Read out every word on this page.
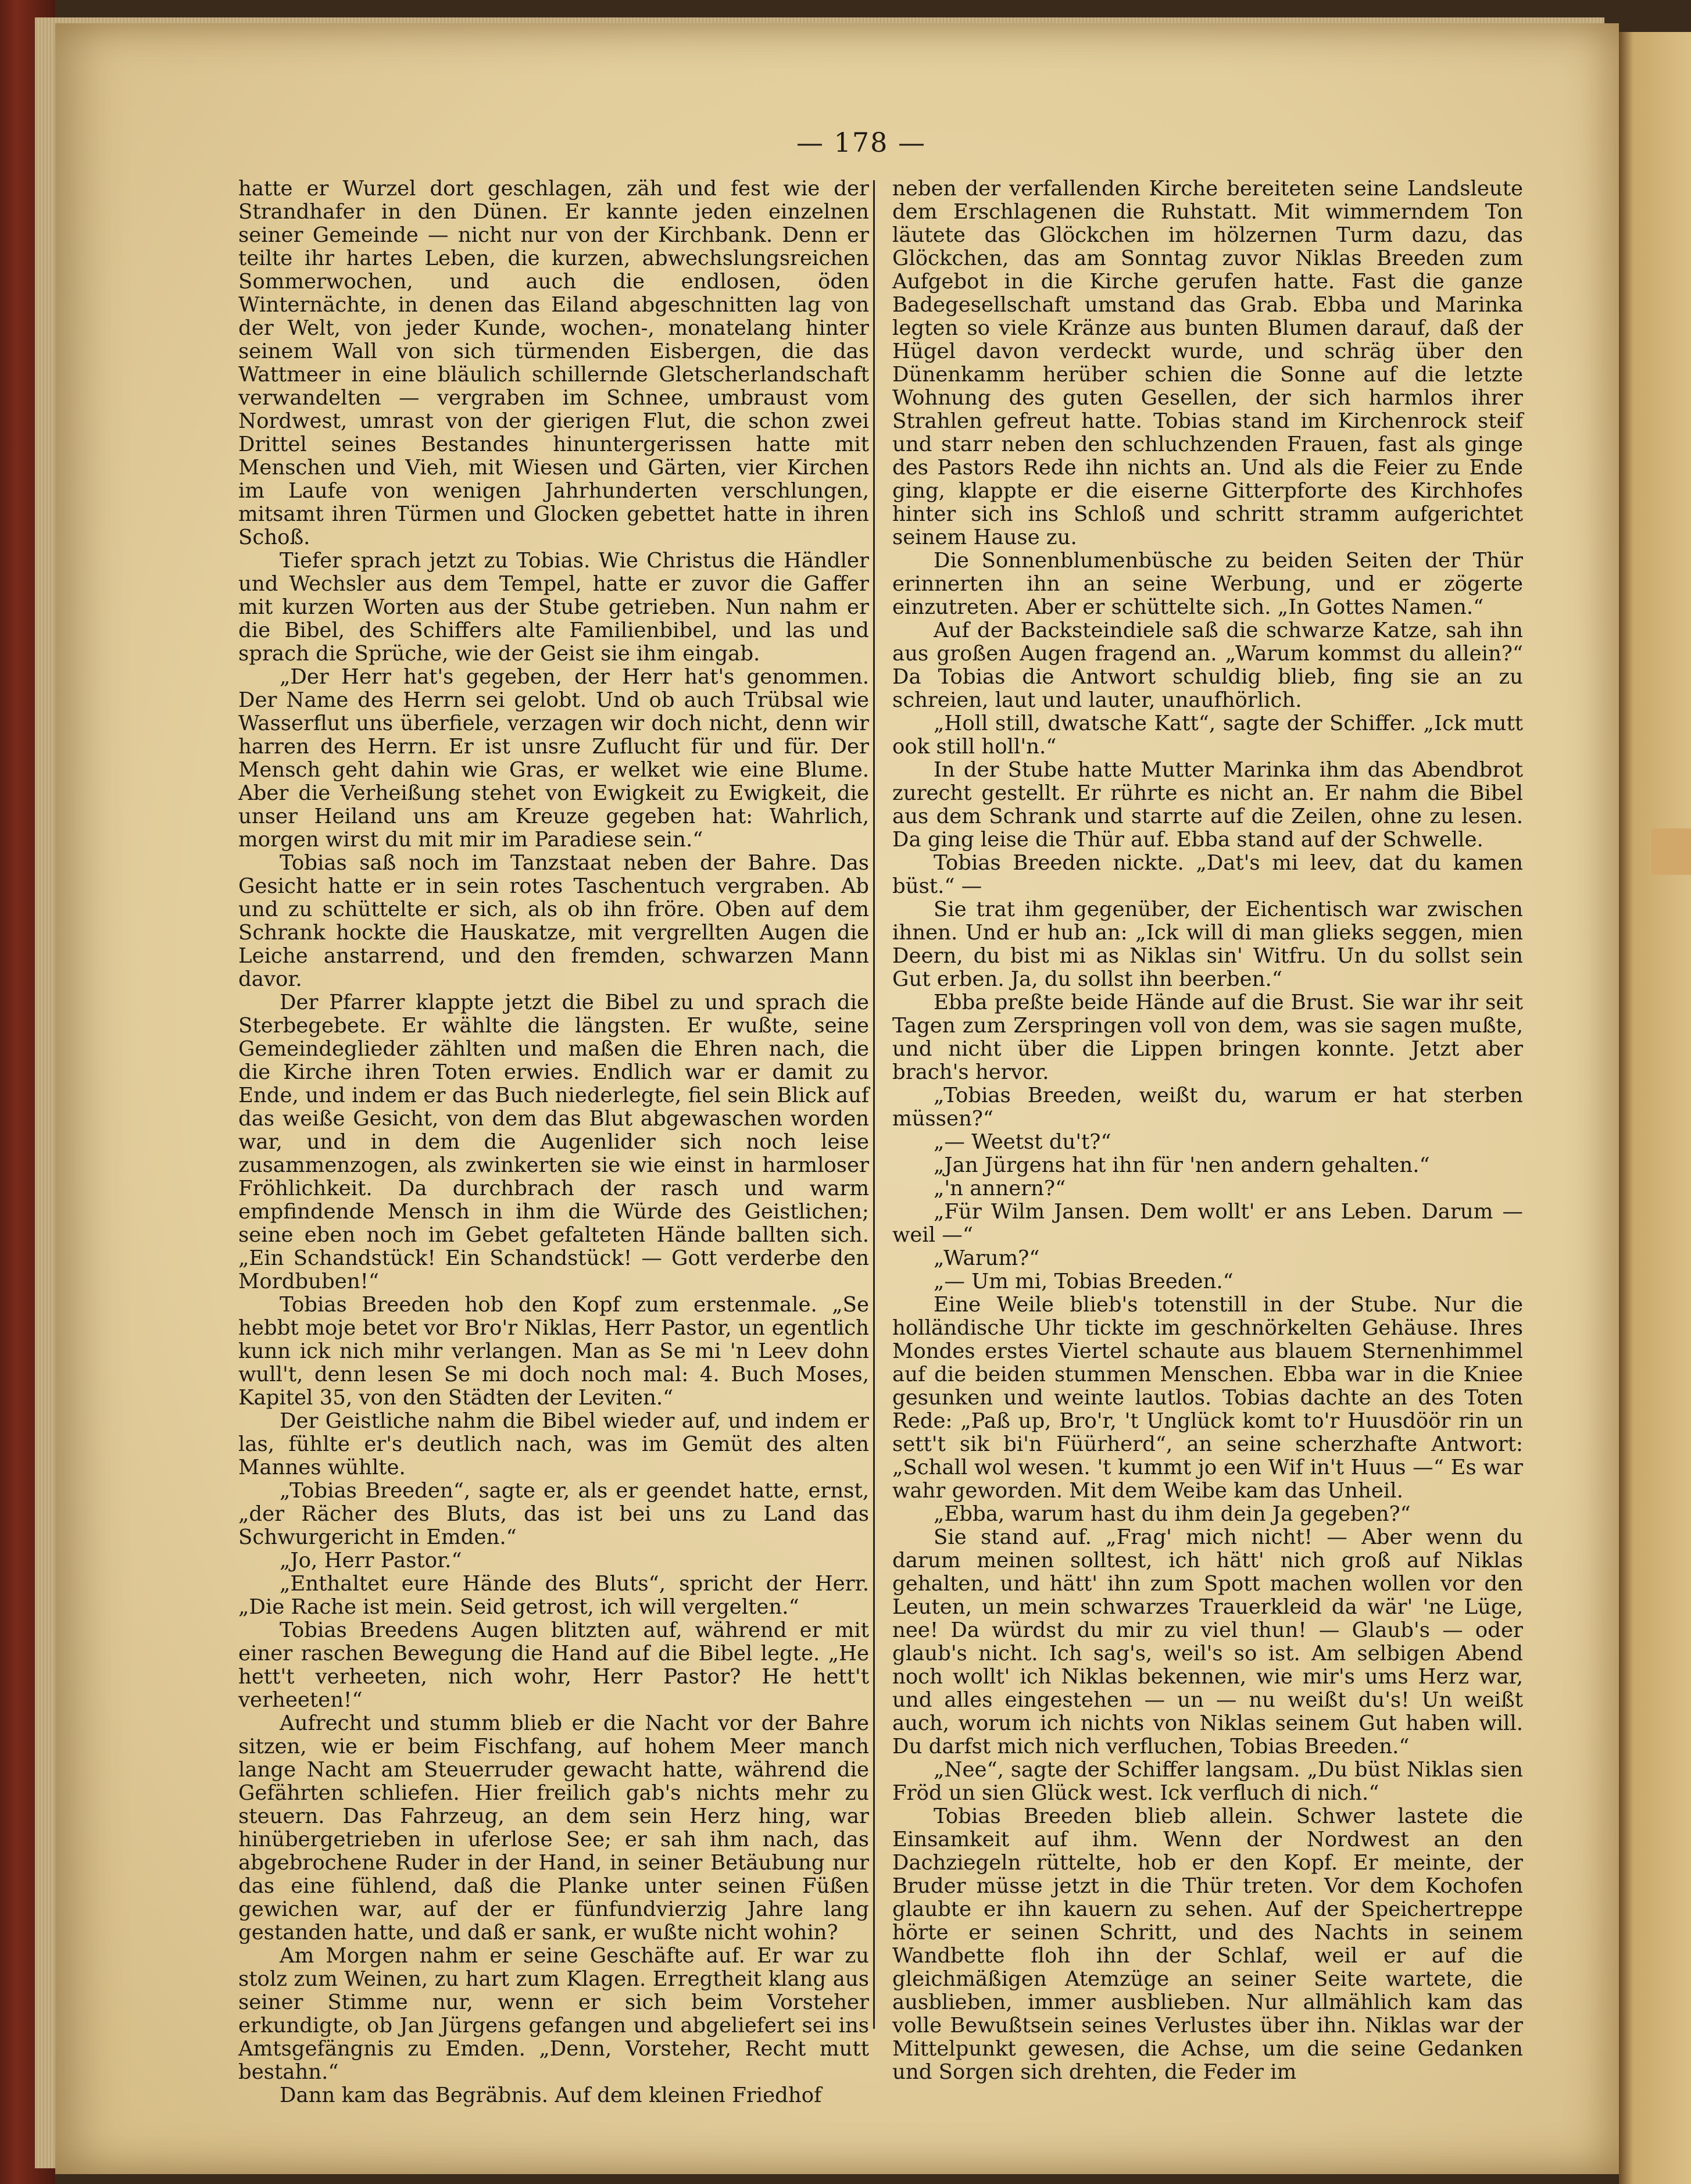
— 178 —

hatte er Wurzel dort geschlagen, zäh und fest wie der Strandhafer in den Dünen. Er kannte jeden einzelnen seiner Gemeinde — nicht nur von der Kirchbank. Denn er teilte ihr hartes Leben, die kurzen, abwechslungsreichen Sommerwochen, und auch die endlosen, öden Winternächte, in denen das Eiland abgeschnitten lag von der Welt, von jeder Kunde, wochen-, monatelang hinter seinem Wall von sich türmenden Eisbergen, die das Wattmeer in eine bläulich schillernde Gletscherlandschaft verwandelten — vergraben im Schnee, umbraust vom Nordwest, umrast von der gierigen Flut, die schon zwei Drittel seines Bestandes hinuntergerissen hatte mit Menschen und Vieh, mit Wiesen und Gärten, vier Kirchen im Laufe von wenigen Jahrhunderten verschlungen, mitsamt ihren Türmen und Glocken gebettet hatte in ihren Schoß.

Tiefer sprach jetzt zu Tobias. Wie Christus die Händler und Wechsler aus dem Tempel, hatte er zuvor die Gaffer mit kurzen Worten aus der Stube getrieben. Nun nahm er die Bibel, des Schiffers alte Familienbibel, und las und sprach die Sprüche, wie der Geist sie ihm eingab.

„Der Herr hat's gegeben, der Herr hat's genommen. Der Name des Herrn sei gelobt. Und ob auch Trübsal wie Wasserflut uns überfiele, verzagen wir doch nicht, denn wir harren des Herrn. Er ist unsre Zuflucht für und für. Der Mensch geht dahin wie Gras, er welket wie eine Blume. Aber die Verheißung stehet von Ewigkeit zu Ewigkeit, die unser Heiland uns am Kreuze gegeben hat: Wahrlich, morgen wirst du mit mir im Paradiese sein.“

Tobias saß noch im Tanzstaat neben der Bahre. Das Gesicht hatte er in sein rotes Taschentuch vergraben. Ab und zu schüttelte er sich, als ob ihn fröre. Oben auf dem Schrank hockte die Hauskatze, mit vergrellten Augen die Leiche anstarrend, und den fremden, schwarzen Mann davor.

Der Pfarrer klappte jetzt die Bibel zu und sprach die Sterbegebete. Er wählte die längsten. Er wußte, seine Gemeindeglieder zählten und maßen die Ehren nach, die die Kirche ihren Toten erwies. Endlich war er damit zu Ende, und indem er das Buch niederlegte, fiel sein Blick auf das weiße Gesicht, von dem das Blut abgewaschen worden war, und in dem die Augenlider sich noch leise zusammenzogen, als zwinkerten sie wie einst in harmloser Fröhlichkeit. Da durchbrach der rasch und warm empfindende Mensch in ihm die Würde des Geistlichen; seine eben noch im Gebet gefalteten Hände ballten sich. „Ein Schandstück! Ein Schandstück! — Gott verderbe den Mordbuben!“

Tobias Breeden hob den Kopf zum erstenmale. „Se hebbt moje betet vor Bro'r Niklas, Herr Pastor, un egentlich kunn ick nich mihr verlangen. Man as Se mi 'n Leev dohn wull't, denn lesen Se mi doch noch mal: 4. Buch Moses, Kapitel 35, von den Städten der Leviten.“

Der Geistliche nahm die Bibel wieder auf, und indem er las, fühlte er's deutlich nach, was im Gemüt des alten Mannes wühlte.

„Tobias Breeden“, sagte er, als er geendet hatte, ernst, „der Rächer des Bluts, das ist bei uns zu Land das Schwurgericht in Emden.“

„Jo, Herr Pastor.“

„Enthaltet eure Hände des Bluts“, spricht der Herr. „Die Rache ist mein. Seid getrost, ich will vergelten.“

Tobias Breedens Augen blitzten auf, während er mit einer raschen Bewegung die Hand auf die Bibel legte. „He hett't verheeten, nich wohr, Herr Pastor? He hett't verheeten!“

Aufrecht und stumm blieb er die Nacht vor der Bahre sitzen, wie er beim Fischfang, auf hohem Meer manch lange Nacht am Steuerruder gewacht hatte, während die Gefährten schliefen. Hier freilich gab's nichts mehr zu steuern. Das Fahrzeug, an dem sein Herz hing, war hinübergetrieben in uferlose See; er sah ihm nach, das abgebrochene Ruder in der Hand, in seiner Betäubung nur das eine fühlend, daß die Planke unter seinen Füßen gewichen war, auf der er fünfundvierzig Jahre lang gestanden hatte, und daß er sank, er wußte nicht wohin?

Am Morgen nahm er seine Geschäfte auf. Er war zu stolz zum Weinen, zu hart zum Klagen. Erregtheit klang aus seiner Stimme nur, wenn er sich beim Vorsteher erkundigte, ob Jan Jürgens gefangen und abgeliefert sei ins Amtsgefängnis zu Emden. „Denn, Vorsteher, Recht mutt bestahn.“

Dann kam das Begräbnis. Auf dem kleinen Friedhof

neben der verfallenden Kirche bereiteten seine Landsleute dem Erschlagenen die Ruhstatt. Mit wimmerndem Ton läutete das Glöckchen im hölzernen Turm dazu, das Glöckchen, das am Sonntag zuvor Niklas Breeden zum Aufgebot in die Kirche gerufen hatte. Fast die ganze Badegesellschaft umstand das Grab. Ebba und Marinka legten so viele Kränze aus bunten Blumen darauf, daß der Hügel davon verdeckt wurde, und schräg über den Dünenkamm herüber schien die Sonne auf die letzte Wohnung des guten Gesellen, der sich harmlos ihrer Strahlen gefreut hatte. Tobias stand im Kirchenrock steif und starr neben den schluchzenden Frauen, fast als ginge des Pastors Rede ihn nichts an. Und als die Feier zu Ende ging, klappte er die eiserne Gitterpforte des Kirchhofes hinter sich ins Schloß und schritt stramm aufgerichtet seinem Hause zu.

Die Sonnenblumenbüsche zu beiden Seiten der Thür erinnerten ihn an seine Werbung, und er zögerte einzutreten. Aber er schüttelte sich. „In Gottes Namen.“

Auf der Backsteindiele saß die schwarze Katze, sah ihn aus großen Augen fragend an. „Warum kommst du allein?“ Da Tobias die Antwort schuldig blieb, fing sie an zu schreien, laut und lauter, unaufhörlich.

„Holl still, dwatsche Katt“, sagte der Schiffer. „Ick mutt ook still holl'n.“

In der Stube hatte Mutter Marinka ihm das Abendbrot zurecht gestellt. Er rührte es nicht an. Er nahm die Bibel aus dem Schrank und starrte auf die Zeilen, ohne zu lesen. Da ging leise die Thür auf. Ebba stand auf der Schwelle.

Tobias Breeden nickte. „Dat's mi leev, dat du kamen büst.“ —

Sie trat ihm gegenüber, der Eichentisch war zwischen ihnen. Und er hub an: „Ick will di man glieks seggen, mien Deern, du bist mi as Niklas sin' Witfru. Un du sollst sein Gut erben. Ja, du sollst ihn beerben.“

Ebba preßte beide Hände auf die Brust. Sie war ihr seit Tagen zum Zerspringen voll von dem, was sie sagen mußte, und nicht über die Lippen bringen konnte. Jetzt aber brach's hervor.

„Tobias Breeden, weißt du, warum er hat sterben müssen?“

„— Weetst du't?“

„Jan Jürgens hat ihn für 'nen andern gehalten.“

„'n annern?“

„Für Wilm Jansen. Dem wollt' er ans Leben. Darum — weil —“

„Warum?“

„— Um mi, Tobias Breeden.“

Eine Weile blieb's totenstill in der Stube. Nur die holländische Uhr tickte im geschnörkelten Gehäuse. Ihres Mondes erstes Viertel schaute aus blauem Sternenhimmel auf die beiden stummen Menschen. Ebba war in die Kniee gesunken und weinte lautlos. Tobias dachte an des Toten Rede: „Paß up, Bro'r, 't Unglück komt to'r Huusdöör rin un sett't sik bi'n Füürherd“, an seine scherzhafte Antwort: „Schall wol wesen. 't kummt jo een Wif in't Huus —“ Es war wahr geworden. Mit dem Weibe kam das Unheil.

„Ebba, warum hast du ihm dein Ja gegeben?“

Sie stand auf. „Frag' mich nicht! — Aber wenn du darum meinen solltest, ich hätt' nich groß auf Niklas gehalten, und hätt' ihn zum Spott machen wollen vor den Leuten, un mein schwarzes Trauerkleid da wär' 'ne Lüge, nee! Da würdst du mir zu viel thun! — Glaub's — oder glaub's nicht. Ich sag's, weil's so ist. Am selbigen Abend noch wollt' ich Niklas bekennen, wie mir's ums Herz war, und alles eingestehen — un — nu weißt du's! Un weißt auch, worum ich nichts von Niklas seinem Gut haben will. Du darfst mich nich verfluchen, Tobias Breeden.“

„Nee“, sagte der Schiffer langsam. „Du büst Niklas sien Fröd un sien Glück west. Ick verfluch di nich.“

Tobias Breeden blieb allein. Schwer lastete die Einsamkeit auf ihm. Wenn der Nordwest an den Dachziegeln rüttelte, hob er den Kopf. Er meinte, der Bruder müsse jetzt in die Thür treten. Vor dem Kochofen glaubte er ihn kauern zu sehen. Auf der Speichertreppe hörte er seinen Schritt, und des Nachts in seinem Wandbette floh ihn der Schlaf, weil er auf die gleichmäßigen Atemzüge an seiner Seite wartete, die ausblieben, immer ausblieben. Nur allmählich kam das volle Bewußtsein seines Verlustes über ihn. Niklas war der Mittelpunkt gewesen, die Achse, um die seine Gedanken und Sorgen sich drehten, die Feder im
